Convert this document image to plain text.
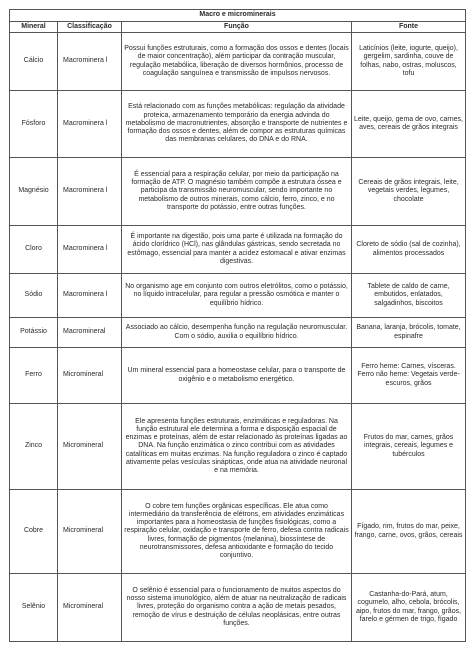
Macro e microminerais			
Mineral	Classificação	Função	Fonte
Cálcio	Macrominera l	Possui funções estruturais, como a formação dos ossos e dentes (locais de maior concentração), além participar da contração muscular, regulação metabólica, liberação de diversos hormônios, processo de coagulação sanguínea e transmissão de impulsos nervosos.	Laticínios (leite, iogurte, queijo), gergelim, sardinha, couve de folhas, nabo, ostras, moluscos, tofu
Fósforo	Macrominera l	Está relacionado com as funções metabólicas: regulação da atividade proteica, armazenamento temporário da energia advinda do metabolismo de macronutrientes, absorção e transporte de nutrientes e formação dos ossos e dentes, além de compor as estruturas químicas das membranas celulares, do DNA e do RNA.	Leite, queijo, gema de ovo, carnes, aves, cereais de grãos integrais
Magnésio	Macrominera l	É essencial para a respiração celular, por meio da participação na formação de ATP. O magnésio também compõe a estrutura óssea e participa da transmissão neuromuscular, sendo importante no metabolismo de outros minerais, como cálcio, ferro, zinco, e no transporte do potássio, entre outras funções.	Cereais de grãos integrais, leite, vegetais verdes, legumes, chocolate
Cloro	Macrominera l	É importante na digestão, pois uma parte é utilizada na formação do ácido clorídrico (HCl), nas glândulas gástricas, sendo secretada no estômago, essencial para manter a acidez estomacal e ativar enzimas digestivas.	Cloreto de sódio (sal de cozinha), alimentos processados
Sódio	Macrominera l	No organismo age em conjunto com outros eletrólitos, como o potássio, no líquido intracelular, para regular a pressão osmótica e manter o equilíbrio hídrico.	Tablete de caldo de carne, embutidos, enlatados, salgadinhos, biscoitos
Potássio	Macromineral	Associado ao cálcio, desempenha função na regulação neuromuscular. Com o sódio, auxilia o equilíbrio hídrico.	Banana, laranja, brócolis, tomate, espinafre
Ferro	Micromineral	Um mineral essencial para a homeostase celular, para o transporte de oxigênio e o metabolismo energético.	Ferro heme: Carnes, vísceras. Ferro não heme: Vegetais verde-escuros, grãos
Zinco	Micromineral	Ele apresenta funções estruturais, enzimáticas e reguladoras. Na função estrutural ele determina a forma e disposição espacial de enzimas e proteínas, além de estar relacionado às proteínas ligadas ao DNA. Na função enzimática o zinco contribui com as atividades catalíticas em muitas enzimas. Na função reguladora o zinco é captado ativamente pelas vesículas sinápticas, onde atua na atividade neuronal e na memória.	Frutos do mar, carnes, grãos integrais, cereais, legumes e tubérculos
Cobre	Micromineral	O cobre tem funções orgânicas específicas. Ele atua como intermediário da transferência de elétrons, em atividades enzimáticas importantes para a homeostasia de funções fisiológicas, como a respiração celular, oxidação e transporte de ferro, defesa contra radicais livres, formação de pigmentos (melanina), biossíntese de neurotransmissores, defesa antioxidante e formação do tecido conjuntivo.	Fígado, rim, frutos do mar, peixe, frango, carne, ovos, grãos, cereais
Selênio	Micromineral	O selênio é essencial para o funcionamento de muitos aspectos do nosso sistema imunológico, além de atuar na neutralização de radicais livres, proteção do organismo contra a ação de metais pesados, remoção de vírus e destruição de células neoplásicas, entre outras funções.	Castanha-do-Pará, atum, cogumelo, alho, cebola, brócolis, aipo, frutos do mar, frango, grãos, farelo e gérmen de trigo, fígado
